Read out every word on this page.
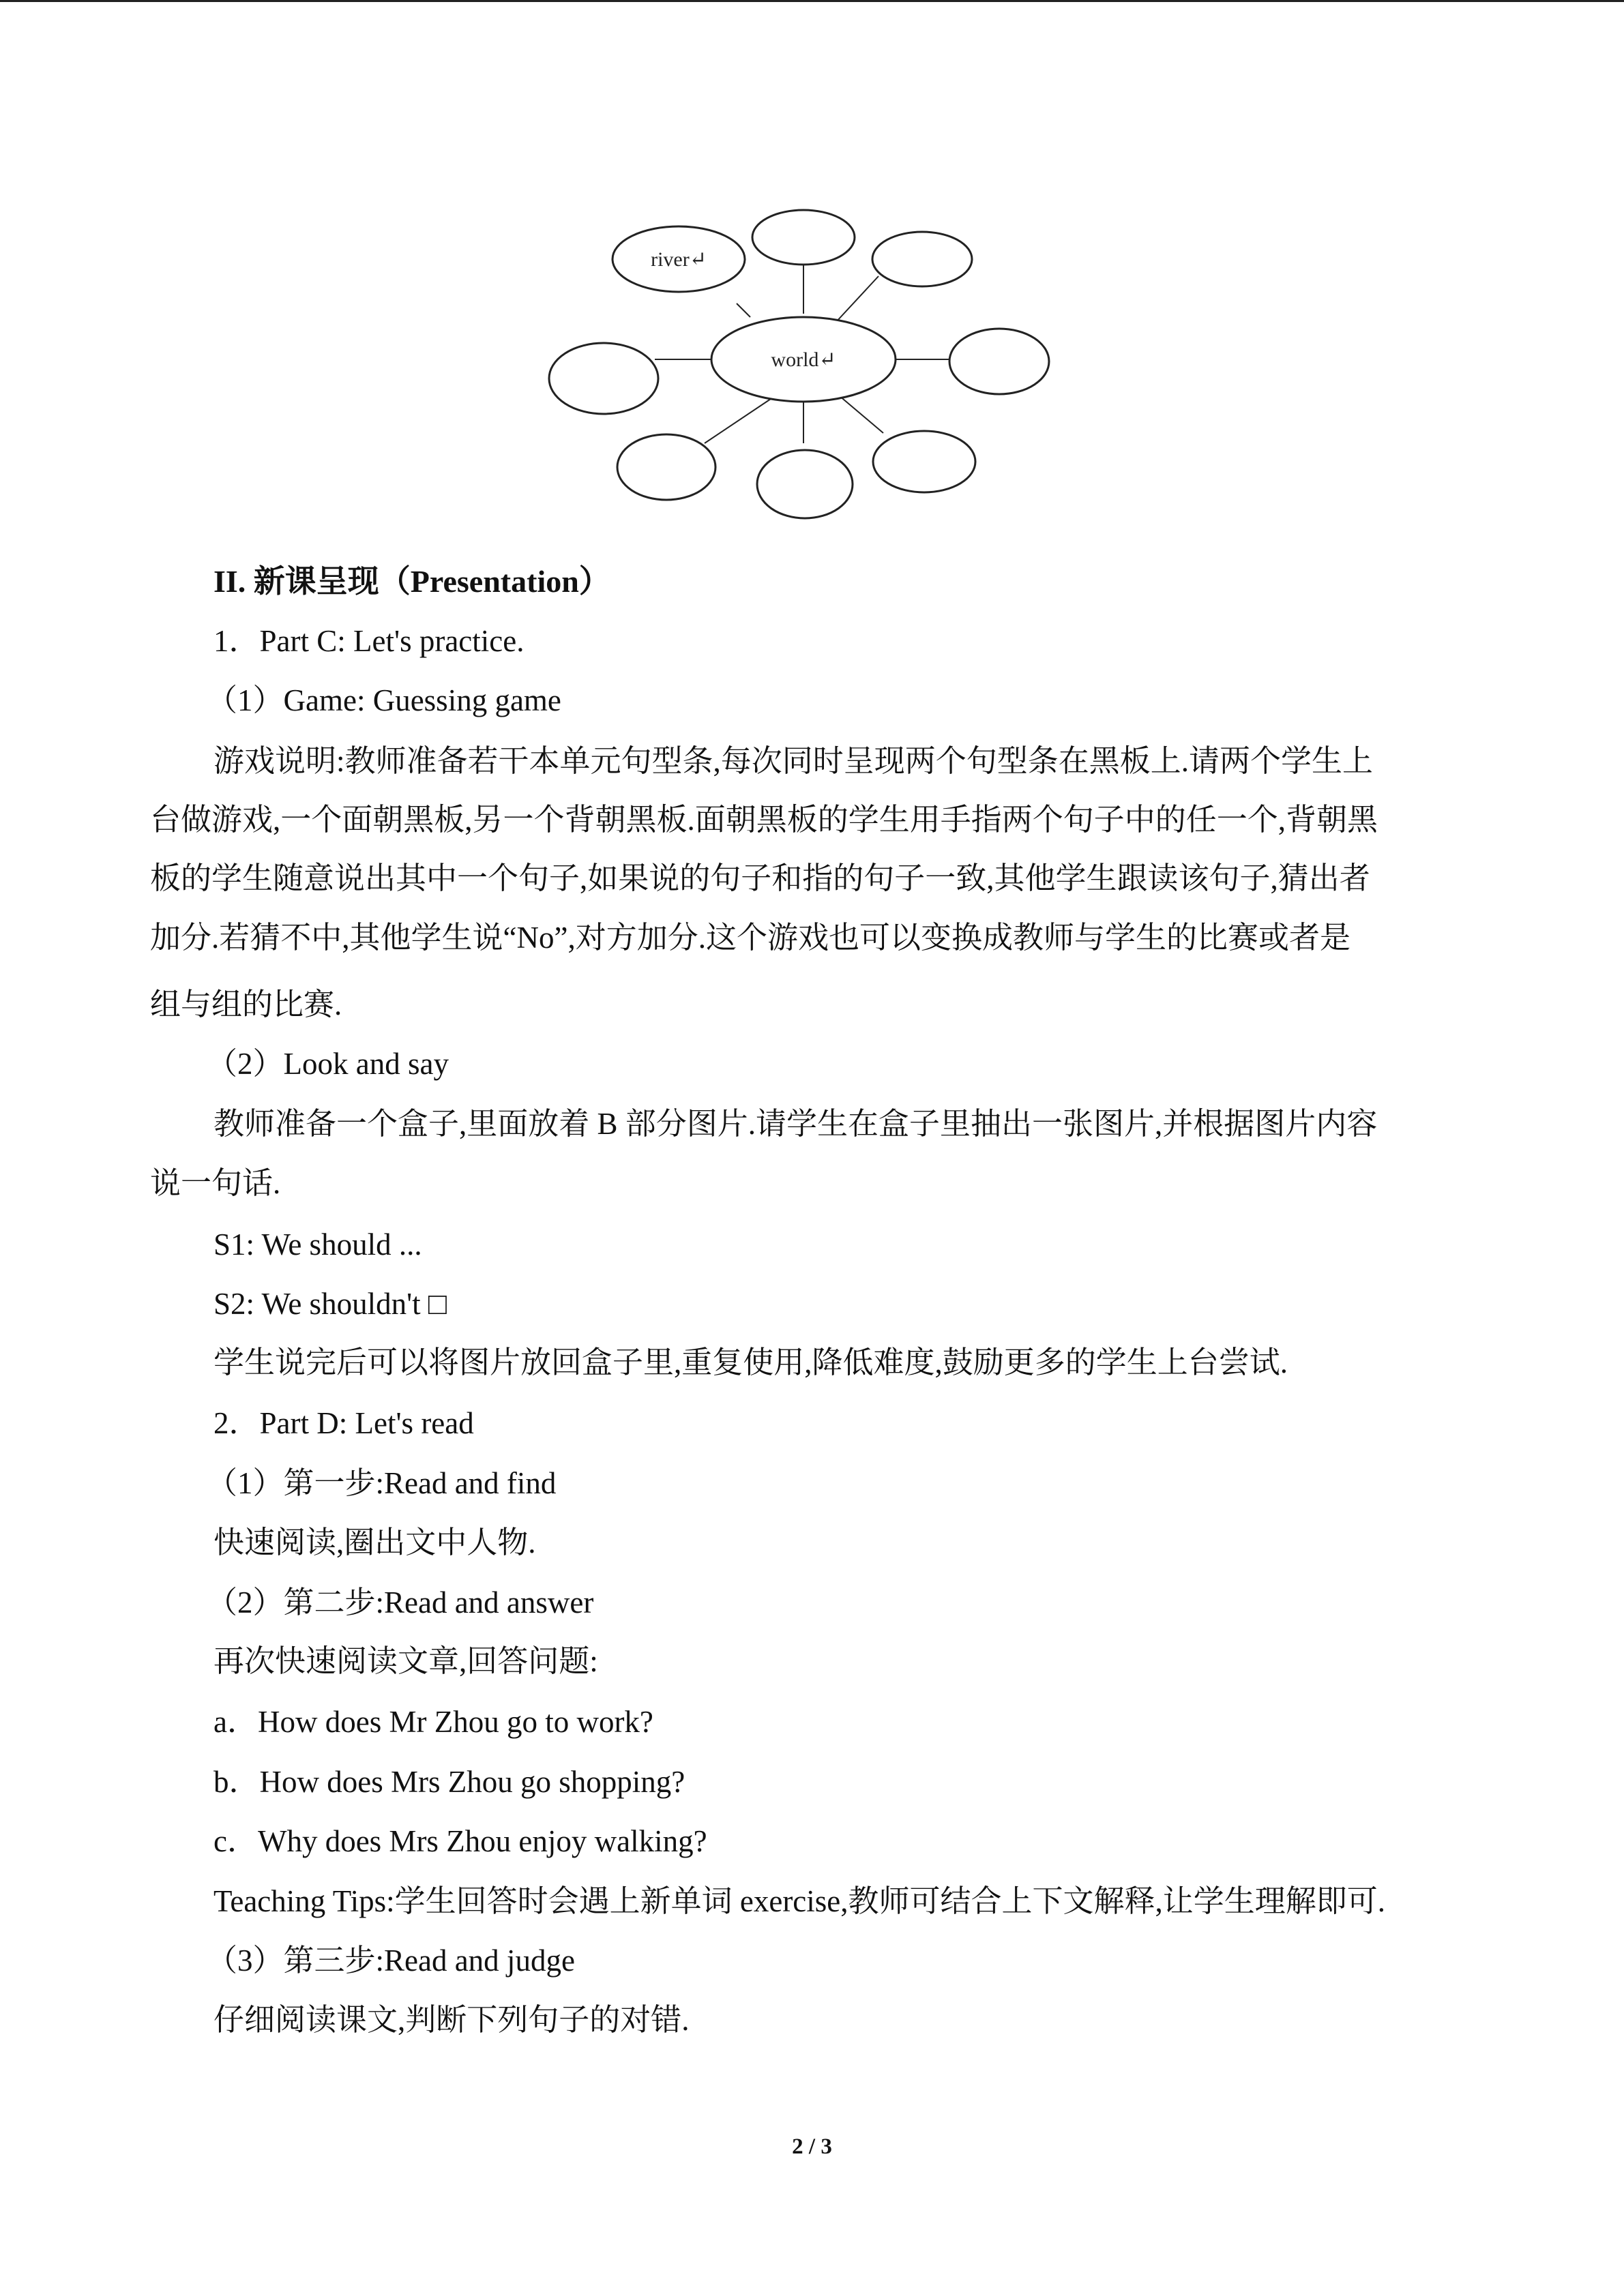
world↵
river↵
II. 新课呈现（Presentation）
1．Part C: Let's practice.
（1）Game: Guessing game
游戏说明:教师准备若干本单元句型条,每次同时呈现两个句型条在黑板上.请两个学生上
台做游戏,一个面朝黑板,另一个背朝黑板.面朝黑板的学生用手指两个句子中的任一个,背朝黑
板的学生随意说出其中一个句子,如果说的句子和指的句子一致,其他学生跟读该句子,猜出者
加分.若猜不中,其他学生说“No”,对方加分.这个游戏也可以变换成教师与学生的比赛或者是
组与组的比赛.
（2）Look and say
教师准备一个盒子,里面放着 B 部分图片.请学生在盒子里抽出一张图片,并根据图片内容
说一句话.
S1: We should ...
S2: We shouldn't □
学生说完后可以将图片放回盒子里,重复使用,降低难度,鼓励更多的学生上台尝试.
2．Part D: Let's read
（1）第一步:Read and find
快速阅读,圈出文中人物.
（2）第二步:Read and answer
再次快速阅读文章,回答问题:
a．How does Mr Zhou go to work?
b．How does Mrs Zhou go shopping?
c．Why does Mrs Zhou enjoy walking?
Teaching Tips:学生回答时会遇上新单词 exercise,教师可结合上下文解释,让学生理解即可.
（3）第三步:Read and judge
仔细阅读课文,判断下列句子的对错.
2 / 3
